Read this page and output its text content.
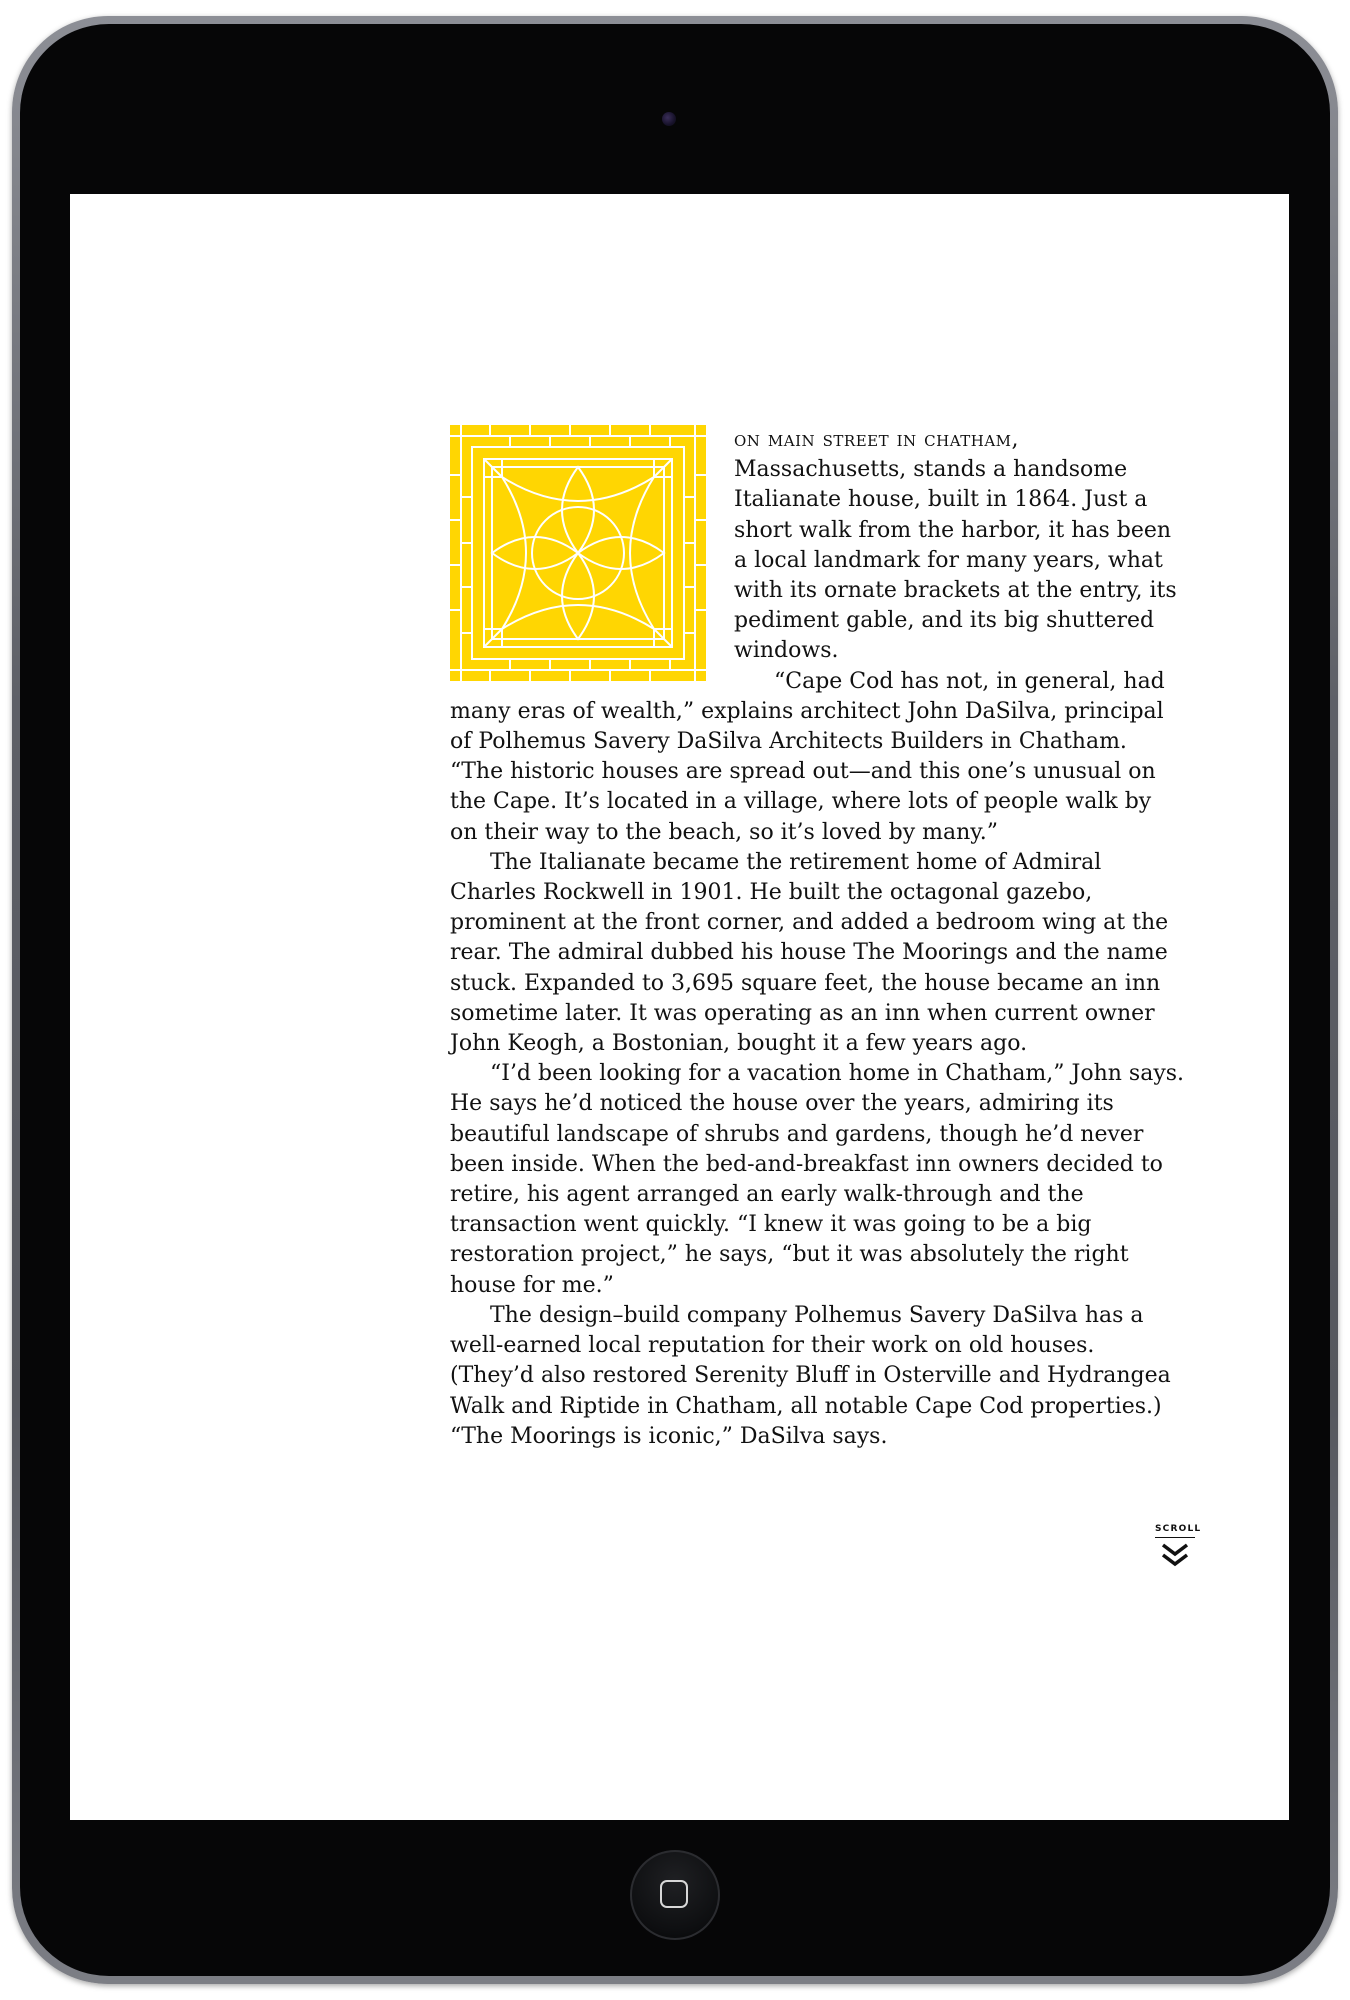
on main street in chatham, Massachusetts, stands a handsome Italianate house, built in 1864. Just a short walk from the harbor, it has been a local landmark for many years, what with its ornate brackets at the entry, its pediment gable, and its big shuttered windows.

“Cape Cod has not, in general, had many eras of wealth,” explains architect John DaSilva, principal of Polhemus Savery DaSilva Architects Builders in Chatham. “The historic houses are spread out—and this one’s unusual on the Cape. It’s located in a village, where lots of people walk by on their way to the beach, so it’s loved by many.”

The Italianate became the retirement home of Admiral Charles Rockwell in 1901. He built the octagonal gazebo, prominent at the front corner, and added a bedroom wing at the rear. The admiral dubbed his house The Moorings and the name stuck. Expanded to 3,695 square feet, the house became an inn sometime later. It was operating as an inn when current owner John Keogh, a Bostonian, bought it a few years ago.

“I’d been looking for a vacation home in Chatham,” John says. He says he’d noticed the house over the years, admiring its beautiful landscape of shrubs and gardens, though he’d never been inside. When the bed-and-breakfast inn owners decided to retire, his agent arranged an early walk-through and the transaction went quickly. “I knew it was going to be a big restoration project,” he says, “but it was absolutely the right house for me.”

The design–build company Polhemus Savery DaSilva has a well-earned local reputation for their work on old houses. (They’d also restored Serenity Bluff in Osterville and Hydrangea Walk and Riptide in Chatham, all notable Cape Cod properties.) “The Moorings is iconic,” DaSilva says.

SCROLL
